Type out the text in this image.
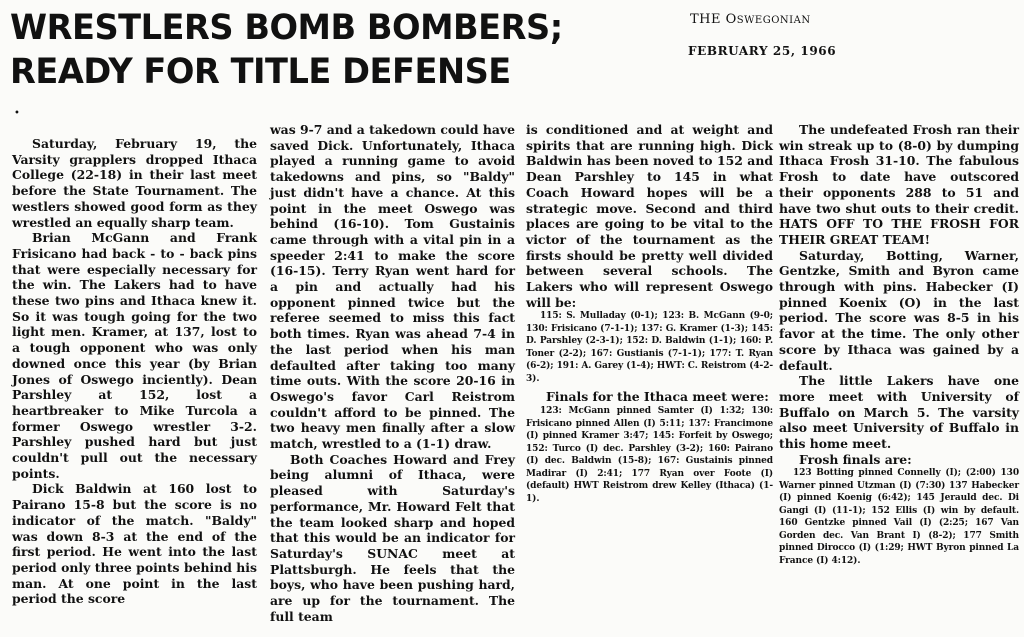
WRESTLERS BOMB BOMBERS;
READY FOR TITLE DEFENSE
THE OSWEGONIAN
FEBRUARY 25, 1966
•

Saturday, February 19, the Varsity grapplers dropped Ithaca College (22-18) in their last meet before the State Tournament. The westlers showed good form as they wrestled an equally sharp team.

Brian McGann and Frank Frisicano had back - to - back pins that were especially necessary for the win. The Lakers had to have these two pins and Ithaca knew it. So it was tough going for the two light men. Kramer, at 137, lost to a tough opponent who was only downed once this year (by Brian Jones of Oswego inciently). Dean Parshley at 152, lost a heartbreaker to Mike Turcola a former Oswego wrestler 3-2. Parshley pushed hard but just couldn't pull out the necessary points.

Dick Baldwin at 160 lost to Pairano 15-8 but the score is no indicator of the match. "Baldy" was down 8-3 at the end of the first period. He went into the last period only three points behind his man. At one point in the last period the score

was 9-7 and a takedown could have saved Dick. Unfortunately, Ithaca played a running game to avoid takedowns and pins, so "Baldy" just didn't have a chance. At this point in the meet Oswego was behind (16-10). Tom Gustainis came through with a vital pin in a speeder 2:41 to make the score (16-15). Terry Ryan went hard for a pin and actually had his opponent pinned twice but the referee seemed to miss this fact both times. Ryan was ahead 7-4 in the last period when his man defaulted after taking too many time outs. With the score 20-16 in Oswego's favor Carl Reistrom couldn't afford to be pinned. The two heavy men finally after a slow match, wrestled to a (1-1) draw.

Both Coaches Howard and Frey being alumni of Ithaca, were pleased with Saturday's performance, Mr. Howard Felt that the team looked sharp and hoped that this would be an indicator for Saturday's SUNAC meet at Plattsburgh. He feels that the boys, who have been pushing hard, are up for the tournament. The full team

is conditioned and at weight and spirits that are running high. Dick Baldwin has been noved to 152 and Dean Parshley to 145 in what Coach Howard hopes will be a strategic move. Second and third places are going to be vital to the victor of the tournament as the firsts should be pretty well divided between several schools. The Lakers who will represent Oswego will be:

115: S. Mulladay (0-1); 123: B. McGann (9-0; 130: Frisicano (7-1-1); 137: G. Kramer (1-3); 145: D. Parshley (2-3-1); 152: D. Baldwin (1-1); 160: P. Toner (2-2); 167: Gustianis (7-1-1); 177: T. Ryan (6-2); 191: A. Garey (1-4); HWT: C. Reistrom (4-2-3).

Finals for the Ithaca meet were:

123: McGann pinned Samter (I) 1:32; 130: Frisicano pinned Allen (I) 5:11; 137: Francimone (I) pinned Kramer 3:47; 145: Forfeit by Oswego; 152: Turco (I) dec. Parshley (3-2); 160: Pairano (I) dec. Baldwin (15-8); 167: Gustainis pinned Madirar (I) 2:41; 177 Ryan over Foote (I) (default) HWT Reistrom drew Kelley (Ithaca) (1-1).

The undefeated Frosh ran their win streak up to (8-0) by dumping Ithaca Frosh 31-10. The fabulous Frosh to date have outscored their opponents 288 to 51 and have two shut outs to their credit. HATS OFF TO THE FROSH FOR THEIR GREAT TEAM!

Saturday, Botting, Warner, Gentzke, Smith and Byron came through with pins. Habecker (I) pinned Koenix (O) in the last period. The score was 8-5 in his favor at the time. The only other score by Ithaca was gained by a default.

The little Lakers have one more meet with University of Buffalo on March 5. The varsity also meet University of Buffalo in this home meet.

Frosh finals are:

123 Botting pinned Connelly (I); (2:00) 130 Warner pinned Utzman (I) (7:30) 137 Habecker (I) pinned Koenig (6:42); 145 Jerauld dec. Di Gangi (I) (11-1); 152 Ellis (I) win by default. 160 Gentzke pinned Vail (I) (2:25; 167 Van Gorden dec. Van Brant I) (8-2); 177 Smith pinned Dirocco (I) (1:29; HWT Byron pinned La France (I) 4:12).
